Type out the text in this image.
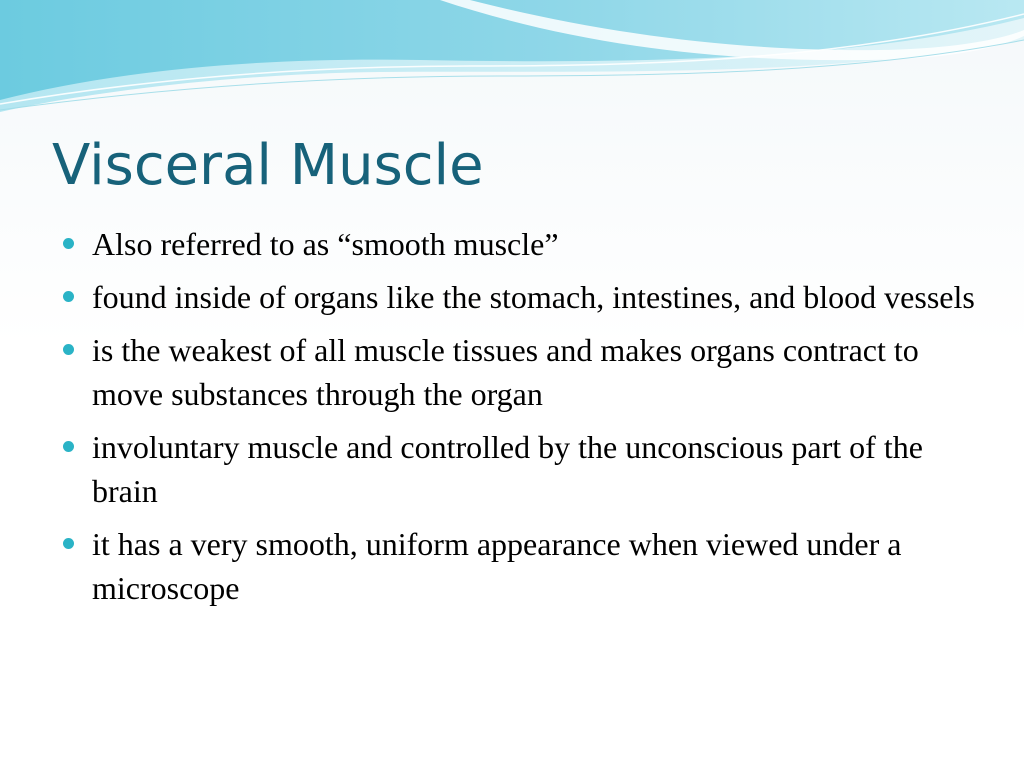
Visceral Muscle
Also referred to as “smooth muscle”
found inside of organs like the stomach, intestines, and blood vessels
is the weakest of all muscle tissues and makes organs contract to move substances through the organ
involuntary muscle and controlled by the unconscious part of the brain
it has a very smooth, uniform appearance when viewed under a microscope
